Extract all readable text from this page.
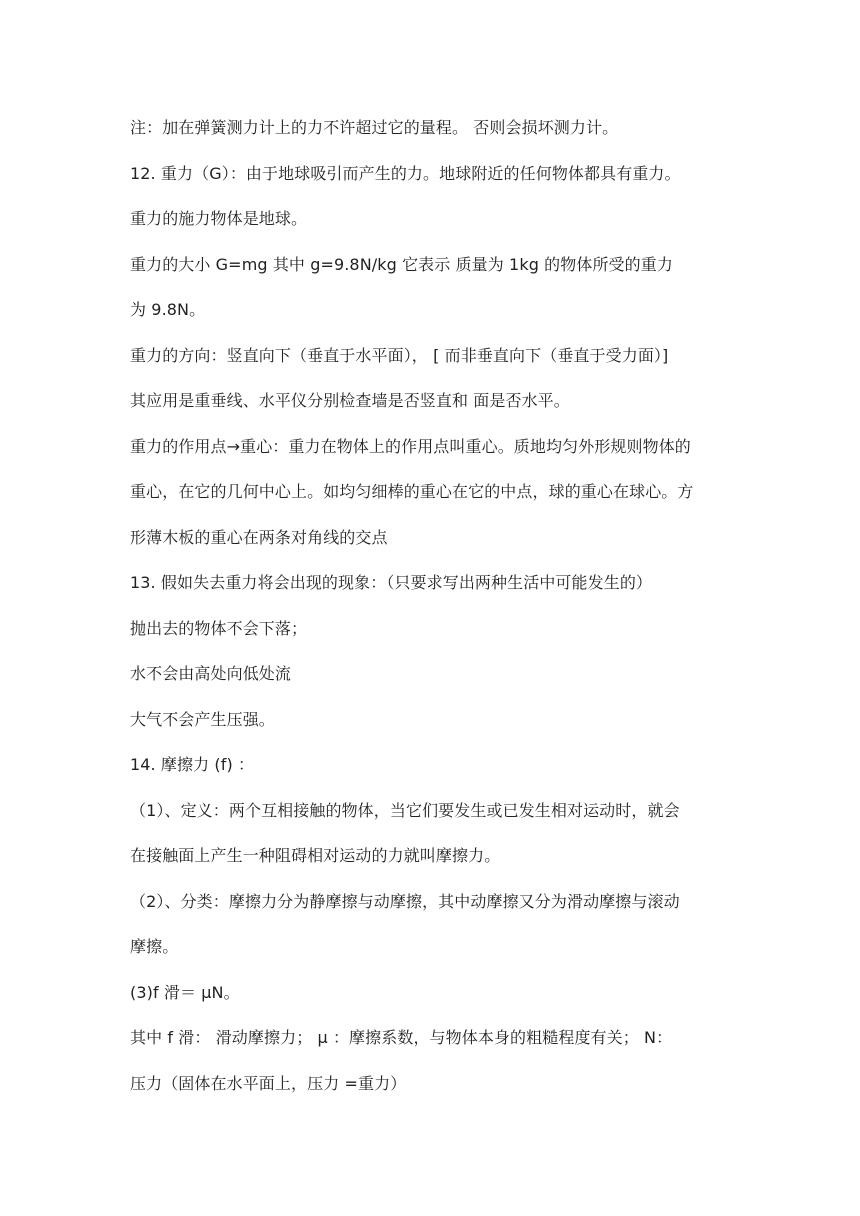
注：加在弹簧测力计上的力不许超过它的量程。 否则会损坏测力计。
12. 重力（G）：由于地球吸引而产生的力。地球附近的任何物体都具有重力。
重力的施力物体是地球。
重力的大小 G=mg 其中 g=9.8N/kg 它表示 质量为 1kg 的物体所受的重力
为 9.8N。
重力的方向：竖直向下（垂直于水平面）， [ 而非垂直向下（垂直于受力面）]
其应用是重垂线、水平仪分别检查墙是否竖直和 面是否水平。
重力的作用点→重心：重力在物体上的作用点叫重心。质地均匀外形规则物体的
重心，在它的几何中心上。如均匀细棒的重心在它的中点，球的重心在球心。方
形薄木板的重心在两条对角线的交点
13. 假如失去重力将会出现的现象：（只要求写出两种生活中可能发生的）
抛出去的物体不会下落；
水不会由高处向低处流
大气不会产生压强。
14. 摩擦力 (f) ：
（1）、定义：两个互相接触的物体，当它们要发生或已发生相对运动时，就会
在接触面上产生一种阻碍相对运动的力就叫摩擦力。
（2）、分类：摩擦力分为静摩擦与动摩擦，其中动摩擦又分为滑动摩擦与滚动
摩擦。
(3)f 滑＝ μN。
其中 f 滑： 滑动摩擦力； μ ：摩擦系数，与物体本身的粗糙程度有关； N：
压力（固体在水平面上，压力 =重力）
